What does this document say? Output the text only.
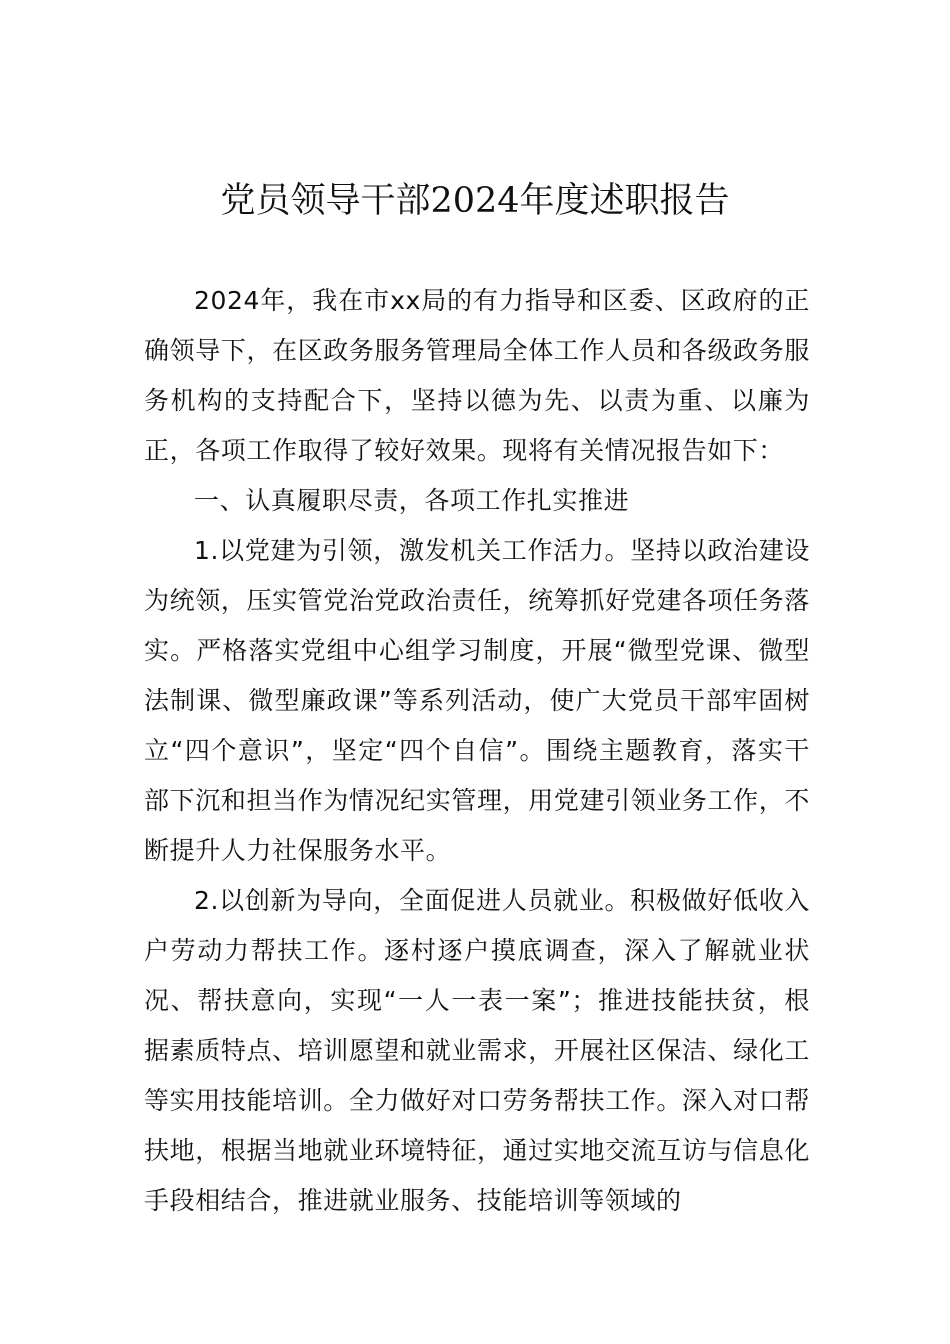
党员领导干部2024年度述职报告

2024年，我在市xx局的有力指导和区委、区政府的正确领导下，在区政务服务管理局全体工作人员和各级政务服务机构的支持配合下，坚持以德为先、以责为重、以廉为正，各项工作取得了较好效果。现将有关情况报告如下：

一、认真履职尽责，各项工作扎实推进

1.以党建为引领，激发机关工作活力。坚持以政治建设为统领，压实管党治党政治责任，统筹抓好党建各项任务落实。严格落实党组中心组学习制度，开展“微型党课、微型法制课、微型廉政课”等系列活动，使广大党员干部牢固树立“四个意识”，坚定“四个自信”。围绕主题教育，落实干部下沉和担当作为情况纪实管理，用党建引领业务工作，不断提升人力社保服务水平。

2.以创新为导向，全面促进人员就业。积极做好低收入户劳动力帮扶工作。逐村逐户摸底调查，深入了解就业状况、帮扶意向，实现“一人一表一案”；推进技能扶贫，根据素质特点、培训愿望和就业需求，开展社区保洁、绿化工等实用技能培训。全力做好对口劳务帮扶工作。深入对口帮扶地，根据当地就业环境特征，通过实地交流互访与信息化手段相结合，推进就业服务、技能培训等领域的
